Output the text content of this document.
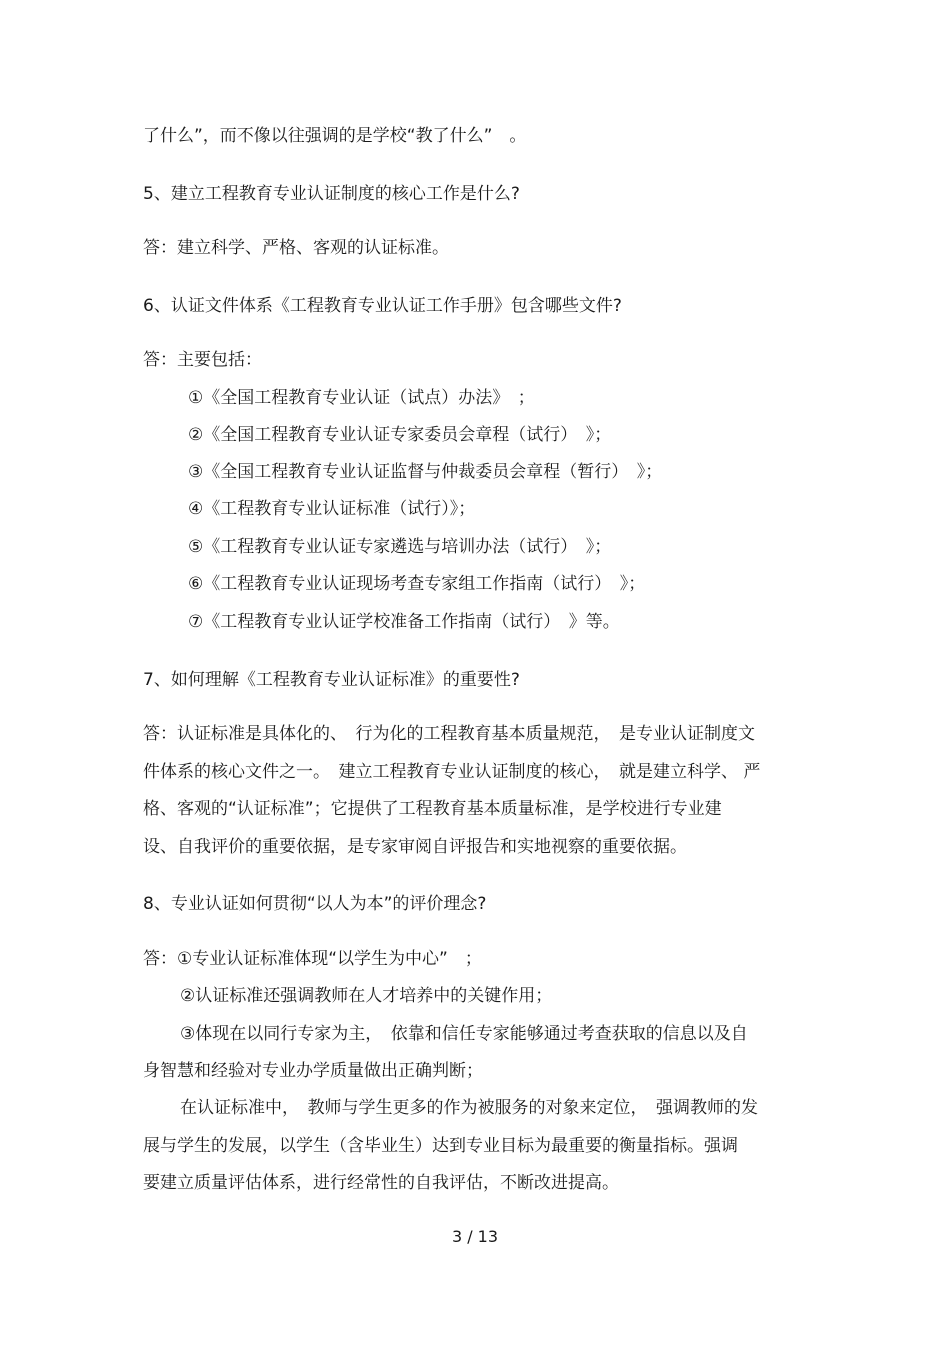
了什么”，而不像以往强调的是学校“教了什么”　。
5、建立工程教育专业认证制度的核心工作是什么?
答：建立科学、严格、客观的认证标准。
6、认证文件体系《工程教育专业认证工作手册》包含哪些文件?
答：主要包括：
①《全国工程教育专业认证（试点）办法》　；
②《全国工程教育专业认证专家委员会章程（试行）　》；
③《全国工程教育专业认证监督与仲裁委员会章程（暂行）　》；
④《工程教育专业认证标准（试行）》；
⑤《工程教育专业认证专家遴选与培训办法（试行）　》；
⑥《工程教育专业认证现场考查专家组工作指南（试行）　》；
⑦《工程教育专业认证学校准备工作指南（试行）　》等。
7、如何理解《工程教育专业认证标准》的重要性?
答：认证标准是具体化的、　行为化的工程教育基本质量规范，　是专业认证制度文
件体系的核心文件之一。　建立工程教育专业认证制度的核心，　就是建立科学、 严
格、客观的“认证标准”；它提供了工程教育基本质量标准，是学校进行专业建
设、自我评价的重要依据，是专家审阅自评报告和实地视察的重要依据。
8、专业认证如何贯彻“以人为本”的评价理念?
答：①专业认证标准体现“以学生为中心”　；
②认证标准还强调教师在人才培养中的关键作用；
③体现在以同行专家为主，　依靠和信任专家能够通过考查获取的信息以及自
身智慧和经验对专业办学质量做出正确判断；
在认证标准中，　教师与学生更多的作为被服务的对象来定位，　强调教师的发
展与学生的发展，以学生（含毕业生）达到专业目标为最重要的衡量指标。强调
要建立质量评估体系，进行经常性的自我评估，不断改进提高。
3 / 13
